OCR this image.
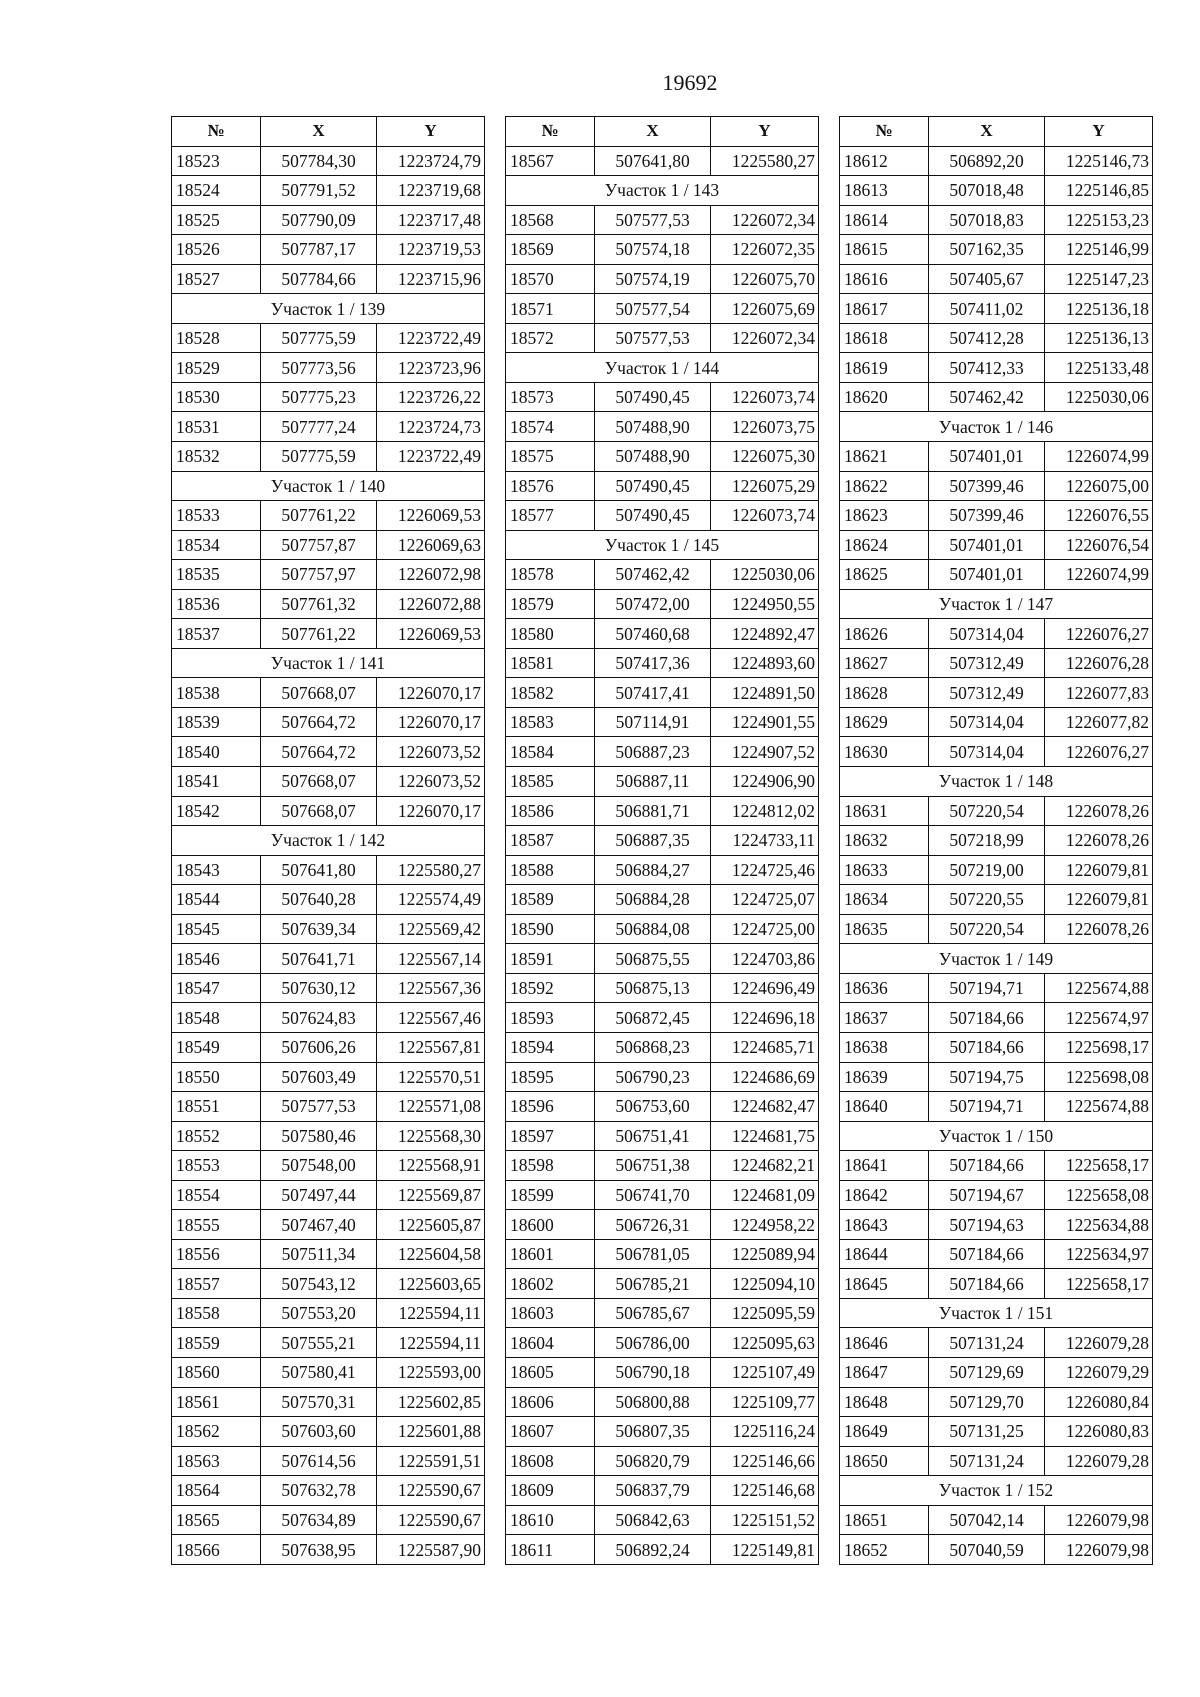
19692
№	X	Y
18523	507784,30	1223724,79
18524	507791,52	1223719,68
18525	507790,09	1223717,48
18526	507787,17	1223719,53
18527	507784,66	1223715,96
Участок 1 / 139		
18528	507775,59	1223722,49
18529	507773,56	1223723,96
18530	507775,23	1223726,22
18531	507777,24	1223724,73
18532	507775,59	1223722,49
Участок 1 / 140		
18533	507761,22	1226069,53
18534	507757,87	1226069,63
18535	507757,97	1226072,98
18536	507761,32	1226072,88
18537	507761,22	1226069,53
Участок 1 / 141		
18538	507668,07	1226070,17
18539	507664,72	1226070,17
18540	507664,72	1226073,52
18541	507668,07	1226073,52
18542	507668,07	1226070,17
Участок 1 / 142		
18543	507641,80	1225580,27
18544	507640,28	1225574,49
18545	507639,34	1225569,42
18546	507641,71	1225567,14
18547	507630,12	1225567,36
18548	507624,83	1225567,46
18549	507606,26	1225567,81
18550	507603,49	1225570,51
18551	507577,53	1225571,08
18552	507580,46	1225568,30
18553	507548,00	1225568,91
18554	507497,44	1225569,87
18555	507467,40	1225605,87
18556	507511,34	1225604,58
18557	507543,12	1225603,65
18558	507553,20	1225594,11
18559	507555,21	1225594,11
18560	507580,41	1225593,00
18561	507570,31	1225602,85
18562	507603,60	1225601,88
18563	507614,56	1225591,51
18564	507632,78	1225590,67
18565	507634,89	1225590,67
18566	507638,95	1225587,90
№	X	Y
18567	507641,80	1225580,27
Участок 1 / 143		
18568	507577,53	1226072,34
18569	507574,18	1226072,35
18570	507574,19	1226075,70
18571	507577,54	1226075,69
18572	507577,53	1226072,34
Участок 1 / 144		
18573	507490,45	1226073,74
18574	507488,90	1226073,75
18575	507488,90	1226075,30
18576	507490,45	1226075,29
18577	507490,45	1226073,74
Участок 1 / 145		
18578	507462,42	1225030,06
18579	507472,00	1224950,55
18580	507460,68	1224892,47
18581	507417,36	1224893,60
18582	507417,41	1224891,50
18583	507114,91	1224901,55
18584	506887,23	1224907,52
18585	506887,11	1224906,90
18586	506881,71	1224812,02
18587	506887,35	1224733,11
18588	506884,27	1224725,46
18589	506884,28	1224725,07
18590	506884,08	1224725,00
18591	506875,55	1224703,86
18592	506875,13	1224696,49
18593	506872,45	1224696,18
18594	506868,23	1224685,71
18595	506790,23	1224686,69
18596	506753,60	1224682,47
18597	506751,41	1224681,75
18598	506751,38	1224682,21
18599	506741,70	1224681,09
18600	506726,31	1224958,22
18601	506781,05	1225089,94
18602	506785,21	1225094,10
18603	506785,67	1225095,59
18604	506786,00	1225095,63
18605	506790,18	1225107,49
18606	506800,88	1225109,77
18607	506807,35	1225116,24
18608	506820,79	1225146,66
18609	506837,79	1225146,68
18610	506842,63	1225151,52
18611	506892,24	1225149,81
№	X	Y
18612	506892,20	1225146,73
18613	507018,48	1225146,85
18614	507018,83	1225153,23
18615	507162,35	1225146,99
18616	507405,67	1225147,23
18617	507411,02	1225136,18
18618	507412,28	1225136,13
18619	507412,33	1225133,48
18620	507462,42	1225030,06
Участок 1 / 146		
18621	507401,01	1226074,99
18622	507399,46	1226075,00
18623	507399,46	1226076,55
18624	507401,01	1226076,54
18625	507401,01	1226074,99
Участок 1 / 147		
18626	507314,04	1226076,27
18627	507312,49	1226076,28
18628	507312,49	1226077,83
18629	507314,04	1226077,82
18630	507314,04	1226076,27
Участок 1 / 148		
18631	507220,54	1226078,26
18632	507218,99	1226078,26
18633	507219,00	1226079,81
18634	507220,55	1226079,81
18635	507220,54	1226078,26
Участок 1 / 149		
18636	507194,71	1225674,88
18637	507184,66	1225674,97
18638	507184,66	1225698,17
18639	507194,75	1225698,08
18640	507194,71	1225674,88
Участок 1 / 150		
18641	507184,66	1225658,17
18642	507194,67	1225658,08
18643	507194,63	1225634,88
18644	507184,66	1225634,97
18645	507184,66	1225658,17
Участок 1 / 151		
18646	507131,24	1226079,28
18647	507129,69	1226079,29
18648	507129,70	1226080,84
18649	507131,25	1226080,83
18650	507131,24	1226079,28
Участок 1 / 152		
18651	507042,14	1226079,98
18652	507040,59	1226079,98
